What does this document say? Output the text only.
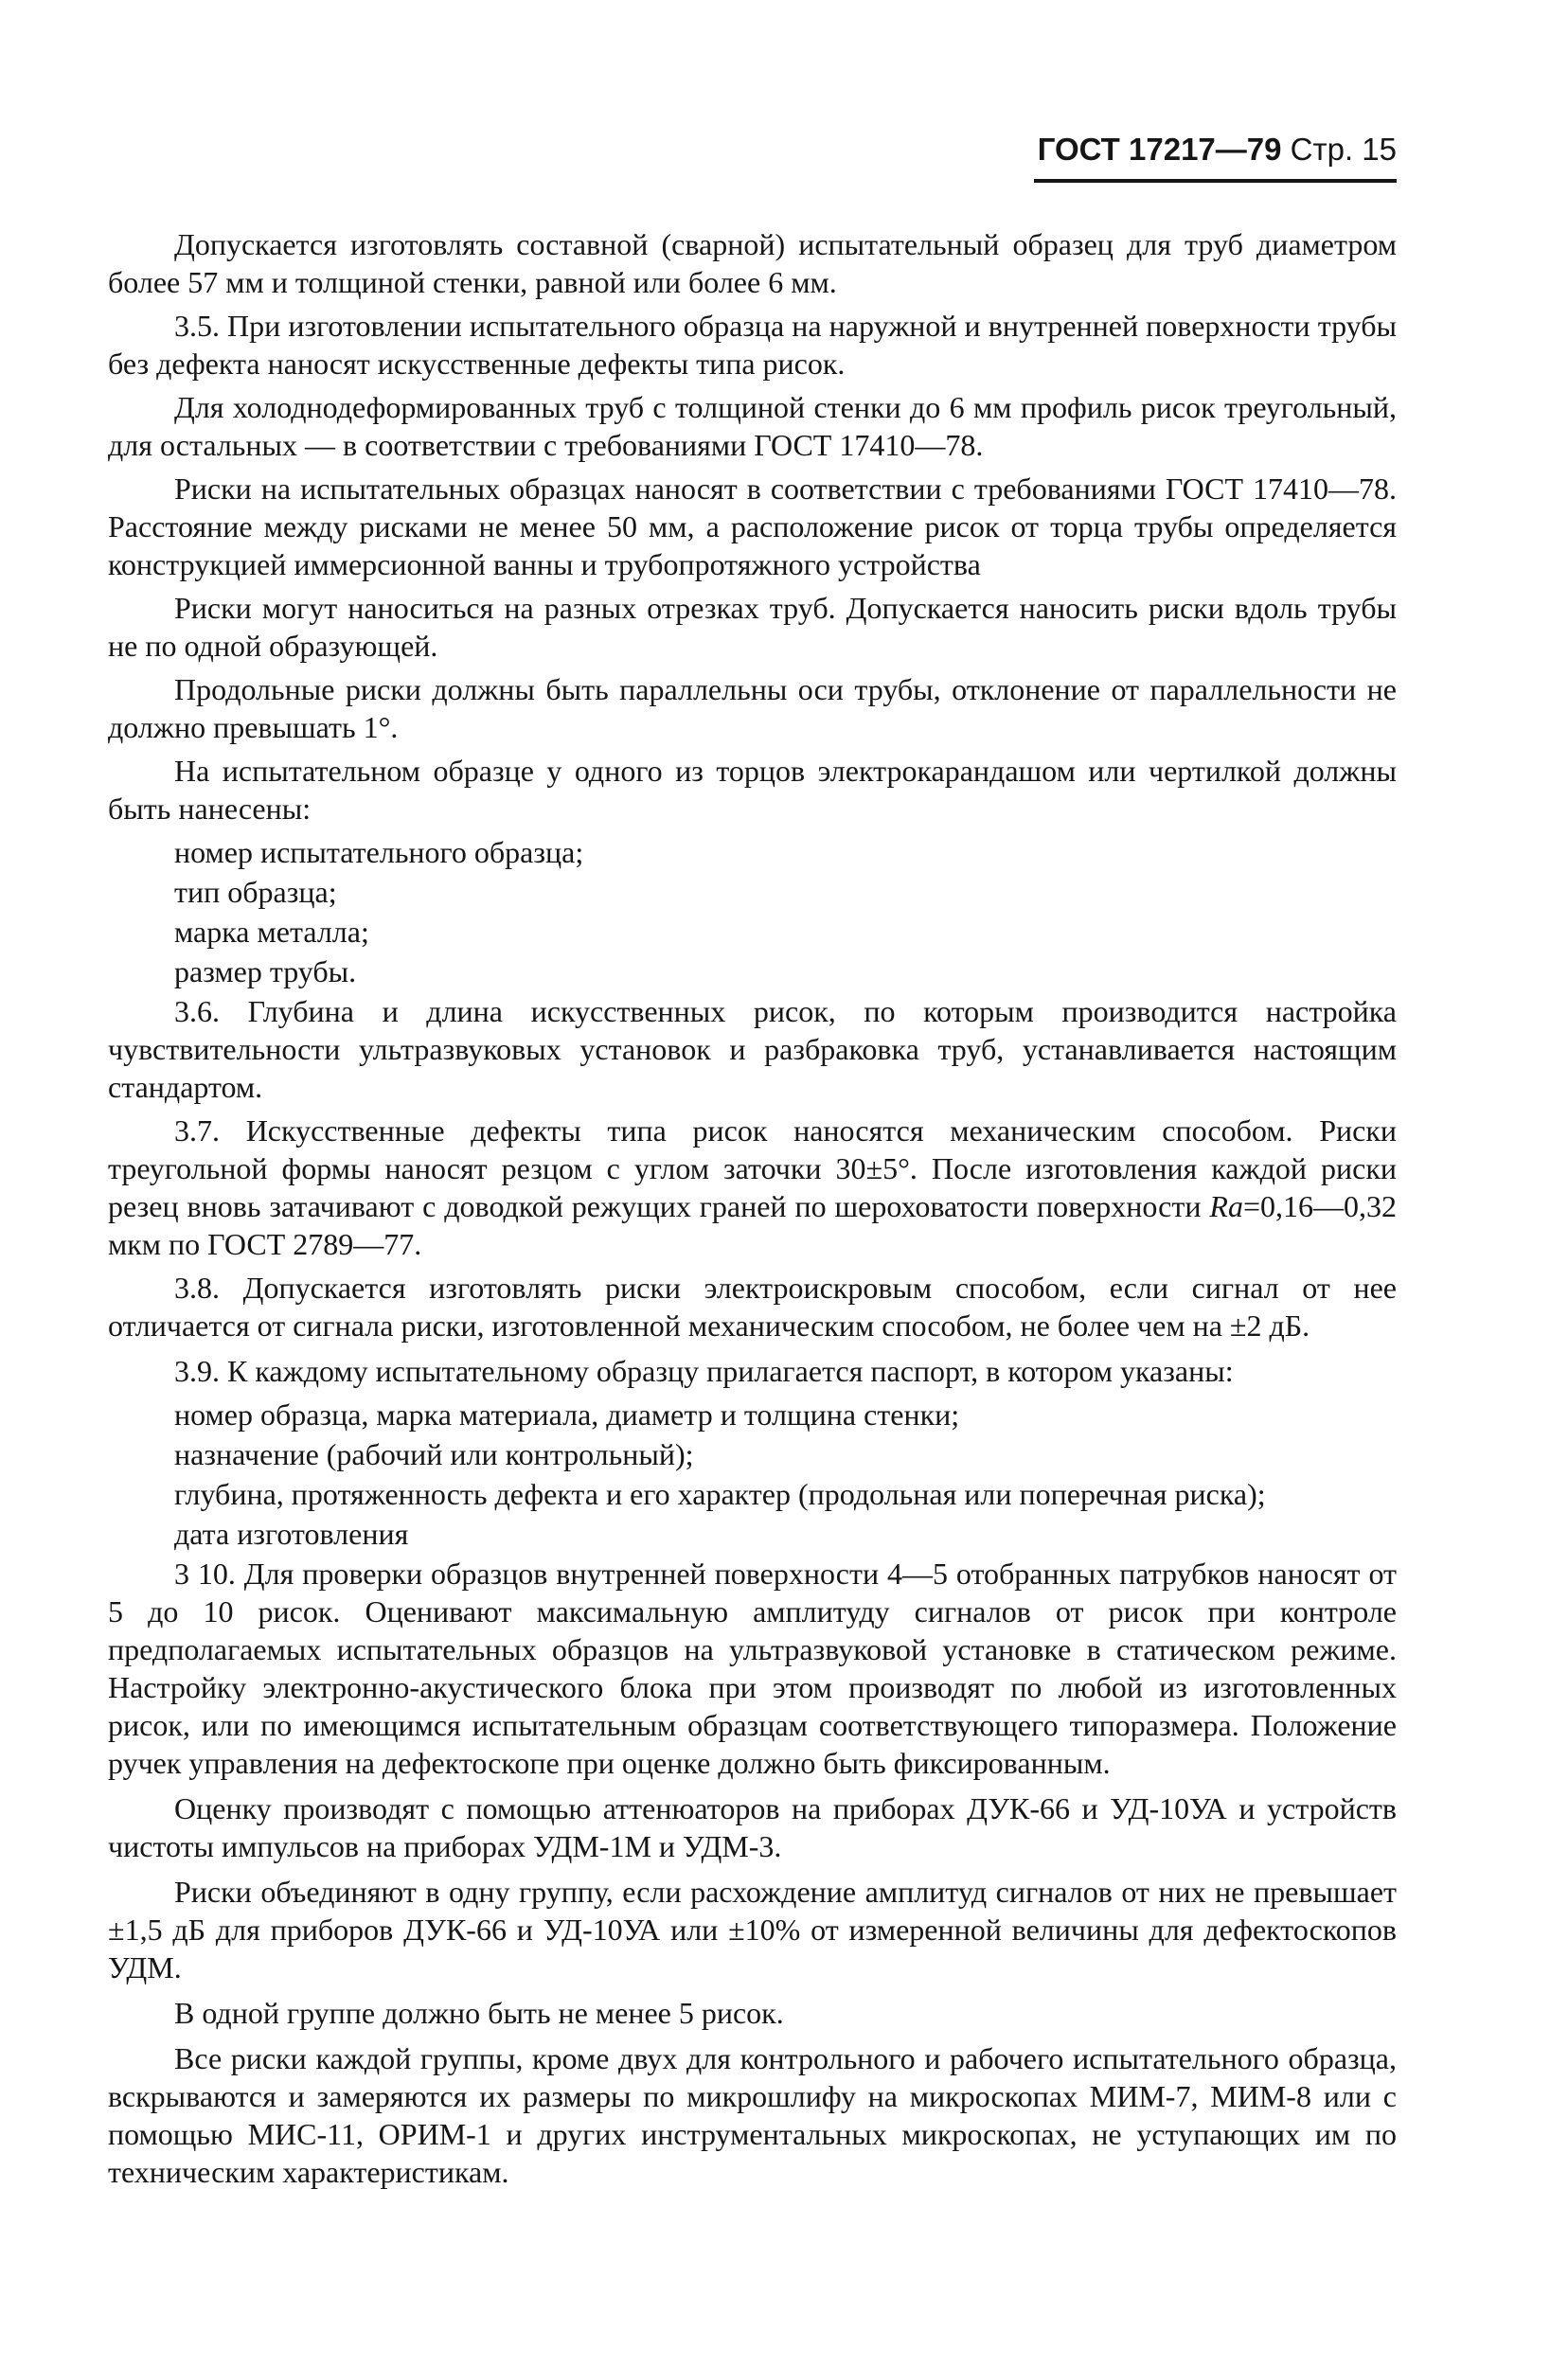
ГОСТ 17217—79 Стр. 15

Допускается изготовлять составной (сварной) испытательный образец для труб диаметром более 57 мм и толщиной стенки, равной или более 6 мм.

3.5. При изготовлении испытательного образца на наружной и внутренней поверхности трубы без дефекта наносят искусственные дефекты типа рисок.

Для холоднодеформированных труб с толщиной стенки до 6 мм профиль рисок треугольный, для остальных — в соответствии с требованиями ГОСТ 17410—78.

Риски на испытательных образцах наносят в соответствии с требованиями ГОСТ 17410—78. Расстояние между рисками не менее 50 мм, а расположение рисок от торца трубы определяется конструкцией иммерсионной ванны и трубопротяжного устройства

Риски могут наноситься на разных отрезках труб. Допускается наносить риски вдоль трубы не по одной образующей.

Продольные риски должны быть параллельны оси трубы, отклонение от параллельности не должно превышать 1°.

На испытательном образце у одного из торцов электрокарандашом или чертилкой должны быть нанесены:

номер испытательного образца;

тип образца;

марка металла;

размер трубы.

3.6. Глубина и длина искусственных рисок, по которым производится настройка чувствительности ультразвуковых установок и разбраковка труб, устанавливается настоящим стандартом.

3.7. Искусственные дефекты типа рисок наносятся механическим способом. Риски треугольной формы наносят резцом с углом заточки 30±5°. После изготовления каждой риски резец вновь затачивают с доводкой режущих граней по шероховатости поверхности Ra=0,16—0,32 мкм по ГОСТ 2789—77.

3.8. Допускается изготовлять риски электроискровым способом, если сигнал от нее отличается от сигнала риски, изготовленной механическим способом, не более чем на ±2 дБ.

3.9. К каждому испытательному образцу прилагается паспорт, в котором указаны:

номер образца, марка материала, диаметр и толщина стенки;

назначение (рабочий или контрольный);

глубина, протяженность дефекта и его характер (продольная или поперечная риска);

дата изготовления

3 10. Для проверки образцов внутренней поверхности 4—5 отобранных патрубков наносят от 5 до 10 рисок. Оценивают максимальную амплитуду сигналов от рисок при контроле предполагаемых испытательных образцов на ультразвуковой установке в статическом режиме. Настройку электронно-акустического блока при этом производят по любой из изготовленных рисок, или по имеющимся испытательным образцам соответствующего типоразмера. Положение ручек управления на дефектоскопе при оценке должно быть фиксированным.

Оценку производят с помощью аттенюаторов на приборах ДУК-66 и УД-10УА и устройств чистоты импульсов на приборах УДМ-1М и УДМ-3.

Риски объединяют в одну группу, если расхождение амплитуд сигналов от них не превышает ±1,5 дБ для приборов ДУК-66 и УД-10УА или ±10% от измеренной величины для дефектоскопов УДМ.

В одной группе должно быть не менее 5 рисок.

Все риски каждой группы, кроме двух для контрольного и рабочего испытательного образца, вскрываются и замеряются их размеры по микрошлифу на микроскопах МИМ-7, МИМ-8 или с помощью МИС-11, ОРИМ-1 и других инструментальных микроскопах, не уступающих им по техническим характеристикам.
